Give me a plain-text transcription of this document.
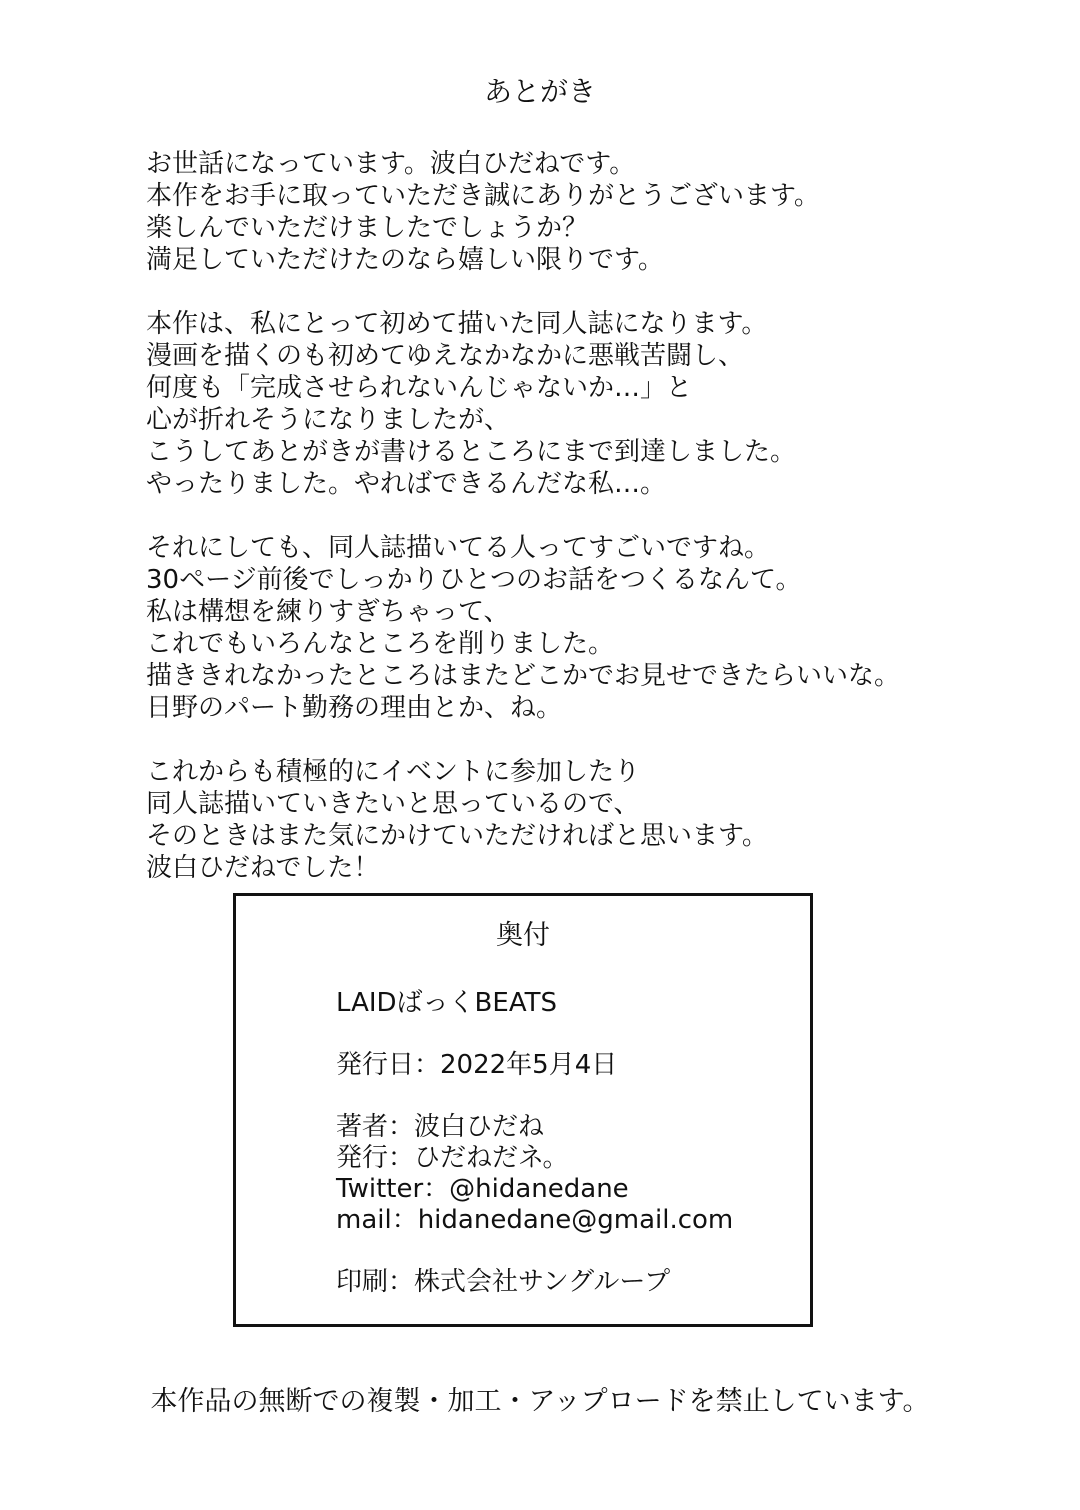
あとがき
お世話になっています。波白ひだねです。
本作をお手に取っていただき誠にありがとうございます。
楽しんでいただけましたでしょうか？
満足していただけたのなら嬉しい限りです。
本作は、私にとって初めて描いた同人誌になります。
漫画を描くのも初めてゆえなかなかに悪戦苦闘し、
何度も「完成させられないんじゃないか…」と
心が折れそうになりましたが、
こうしてあとがきが書けるところにまで到達しました。
やったりました。やればできるんだな私…。
それにしても、同人誌描いてる人ってすごいですね。
30ページ前後でしっかりひとつのお話をつくるなんて。
私は構想を練りすぎちゃって、
これでもいろんなところを削りました。
描ききれなかったところはまたどこかでお見せできたらいいな。
日野のパート勤務の理由とか、ね。
これからも積極的にイベントに参加したり
同人誌描いていきたいと思っているので、
そのときはまた気にかけていただければと思います。
波白ひだねでした！
奥付
LAIDばっくBEATS
発行日：2022年5月4日
著者：波白ひだね
発行：ひだねだネ。
Twitter：@hidanedane
mail：hidanedane@gmail.com
印刷：株式会社サングループ
本作品の無断での複製・加工・アップロードを禁止しています。
